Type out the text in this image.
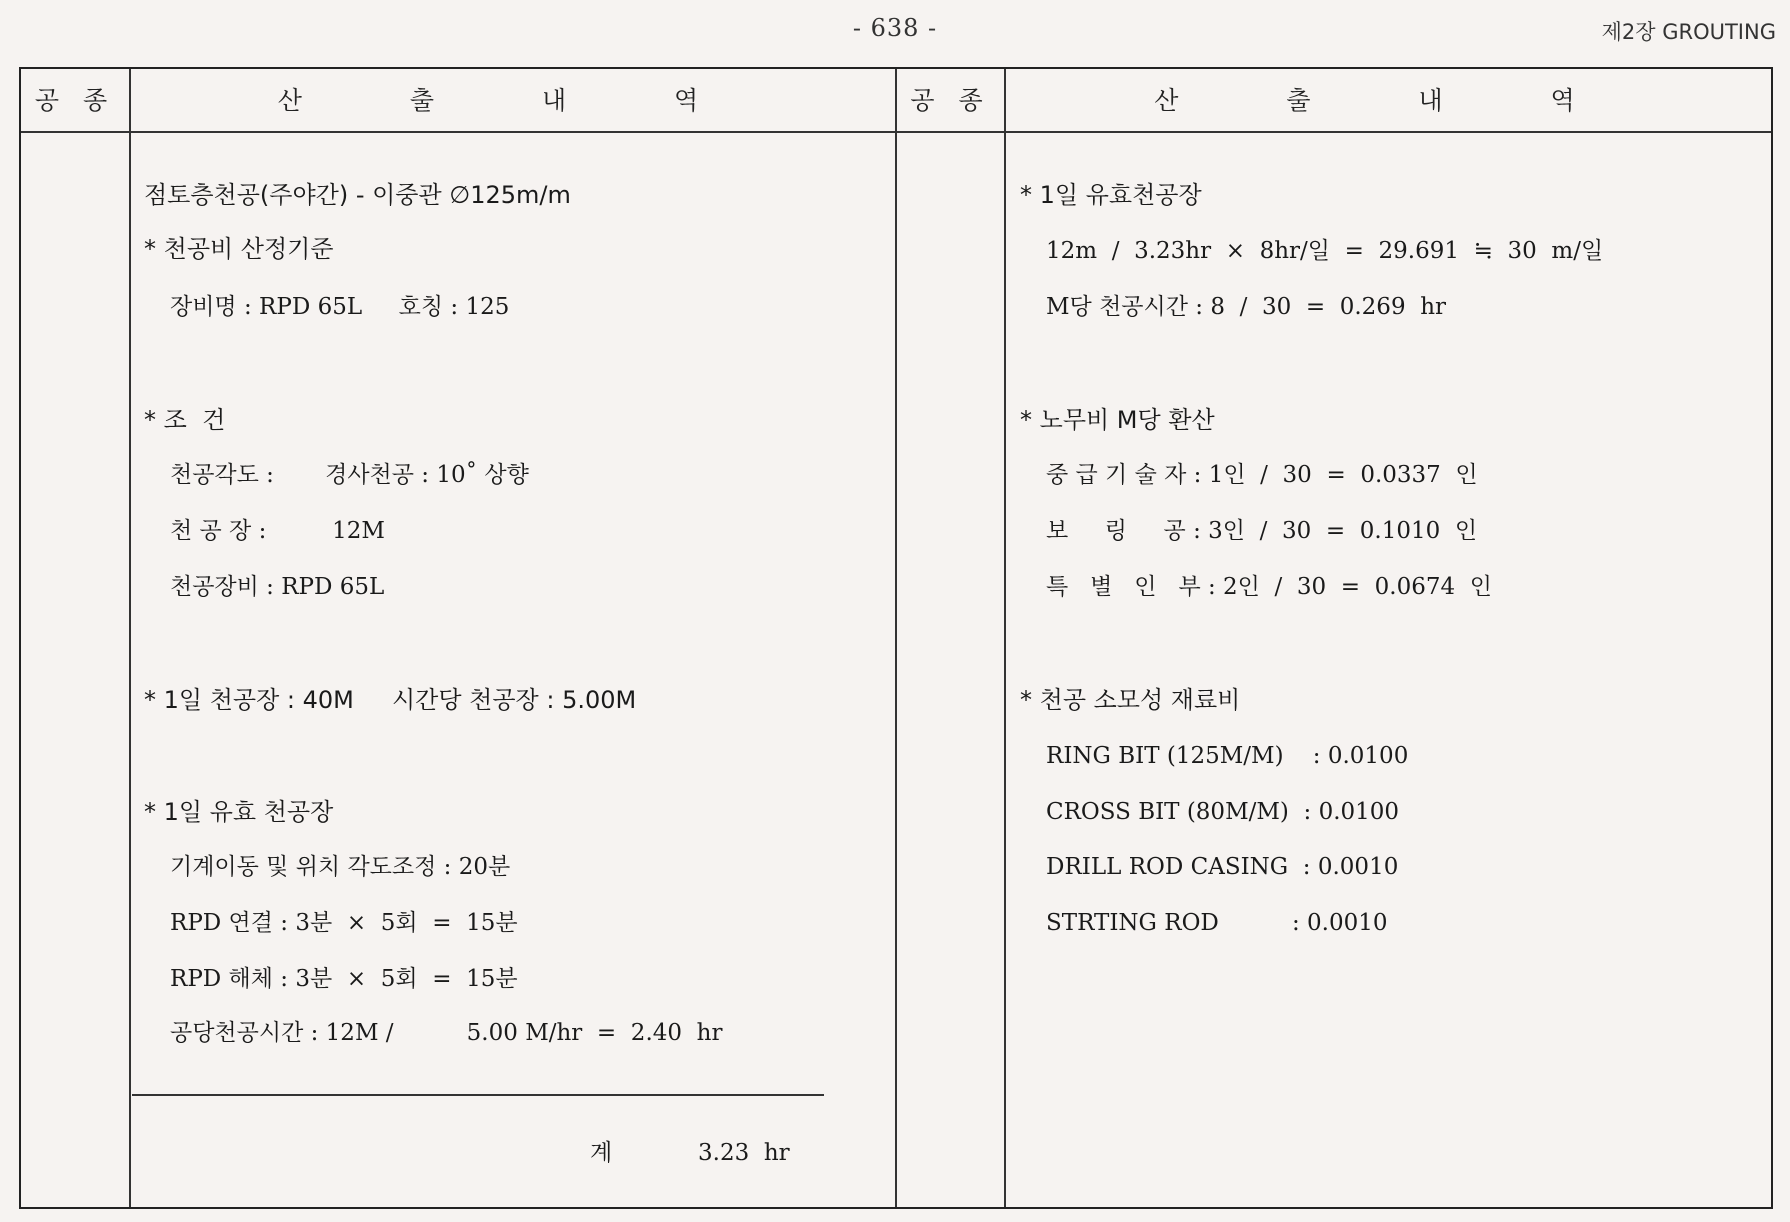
- 638 -	제2장 GROUTING
공 종	산 출 내 역	공 종	산 출 내 역
점토층천공(주야간) - 이중관 ∅125m/m
* 천공비 산정기준
장비명 : RPD 65L     호칭 : 125
* 조  건
천공각도 :       경사천공 : 10˚ 상향
천 공 장 :         12M
천공장비 : RPD 65L
* 1일 천공장 : 40M     시간당 천공장 : 5.00M
* 1일 유효 천공장
기계이동 및 위치 각도조정 : 20분
RPD 연결 : 3분  ×  5회  =  15분
RPD 해체 : 3분  ×  5회  =  15분
공당천공시간 : 12M /          5.00 M/hr  =  2.40  hr
계	3.23  hr
* 1일 유효천공장
12m  /  3.23hr  ×  8hr/일  =  29.691  ≒  30  m/일
M당 천공시간 : 8  /  30  =  0.269  hr
* 노무비 M당 환산
중 급 기 술 자 : 1인  /  30  =  0.0337  인
보     링     공 : 3인  /  30  =  0.1010  인
특   별   인   부 : 2인  /  30  =  0.0674  인
* 천공 소모성 재료비
RING BIT (125M/M)    : 0.0100
CROSS BIT (80M/M)  : 0.0100
DRILL ROD CASING  : 0.0010
STRTING ROD          : 0.0010
